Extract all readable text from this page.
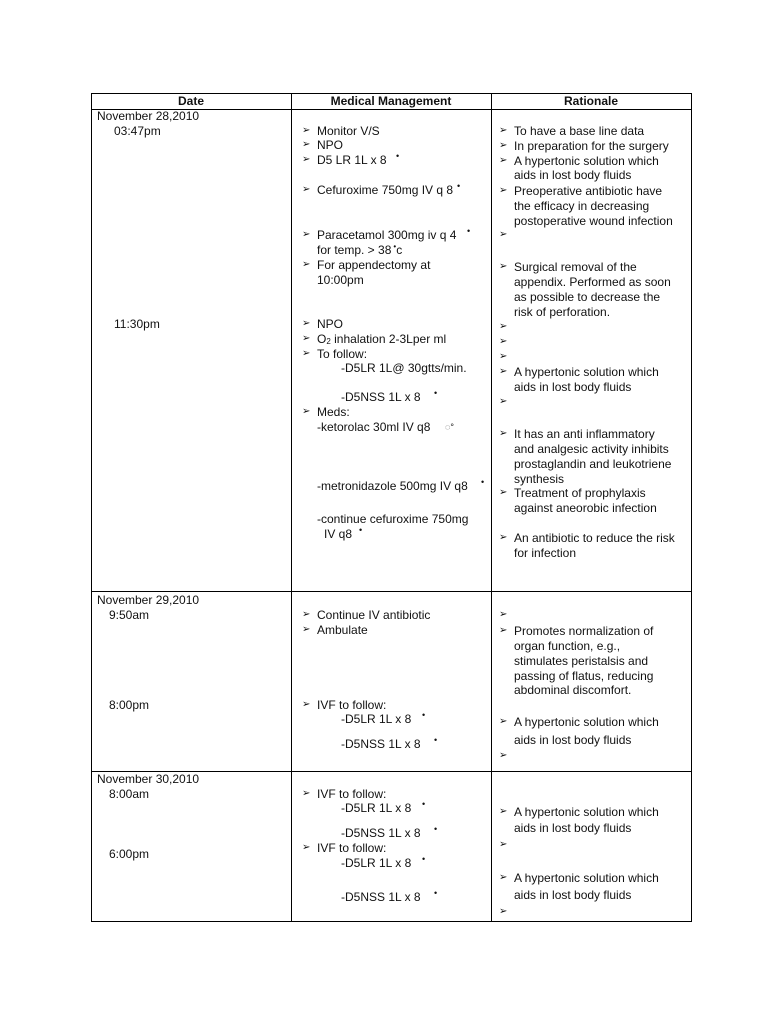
Date	Medical Management	Rationale
November 28,2010
03:47pm
11:30pm
November 29,2010
9:50am
8:00pm
November 30,2010
8:00am
6:00pm
➢ Monitor V/S
➢ NPO
➢ D5 LR 1L x 8 •
➢ Cefuroxime 750mg IV q 8 •
➢ Paracetamol 300mg iv q 4 •
for temp. > 38 •c
➢ For appendectomy at
10:00pm
➢ NPO
➢ O2 inhalation 2-3Lper ml
➢ To follow:
-D5LR 1L@ 30gtts/min.
-D5NSS 1L x 8 •
➢ Meds:
-ketorolac 30ml IV q8 ◌°
-metronidazole 500mg IV q8 •
-continue cefuroxime 750mg
IV q8 •
➢ Continue IV antibiotic
➢ Ambulate
➢ IVF to follow:
-D5LR 1L x 8 •
-D5NSS 1L x 8 •
➢ IVF to follow:
-D5LR 1L x 8 •
-D5NSS 1L x 8 •
➢ IVF to follow:
-D5LR 1L x 8 •
-D5NSS 1L x 8 •
➢ To have a base line data
➢ In preparation for the surgery
➢ A hypertonic solution which
aids in lost body fluids
➢ Preoperative antibiotic have
the efficacy in decreasing
postoperative wound infection
➢
➢ Surgical removal of the
appendix. Performed as soon
as possible to decrease the
risk of perforation.
➢
➢
➢
➢ A hypertonic solution which
aids in lost body fluids
➢
➢ It has an anti inflammatory
and analgesic activity inhibits
prostaglandin and leukotriene
synthesis
➢ Treatment of prophylaxis
against aneorobic infection
➢ An antibiotic to reduce the risk
for infection
➢
➢ Promotes normalization of
organ function, e.g.,
stimulates peristalsis and
passing of flatus, reducing
abdominal discomfort.
➢ A hypertonic solution which
aids in lost body fluids
➢
➢ A hypertonic solution which
aids in lost body fluids
➢
➢ A hypertonic solution which
aids in lost body fluids
➢
